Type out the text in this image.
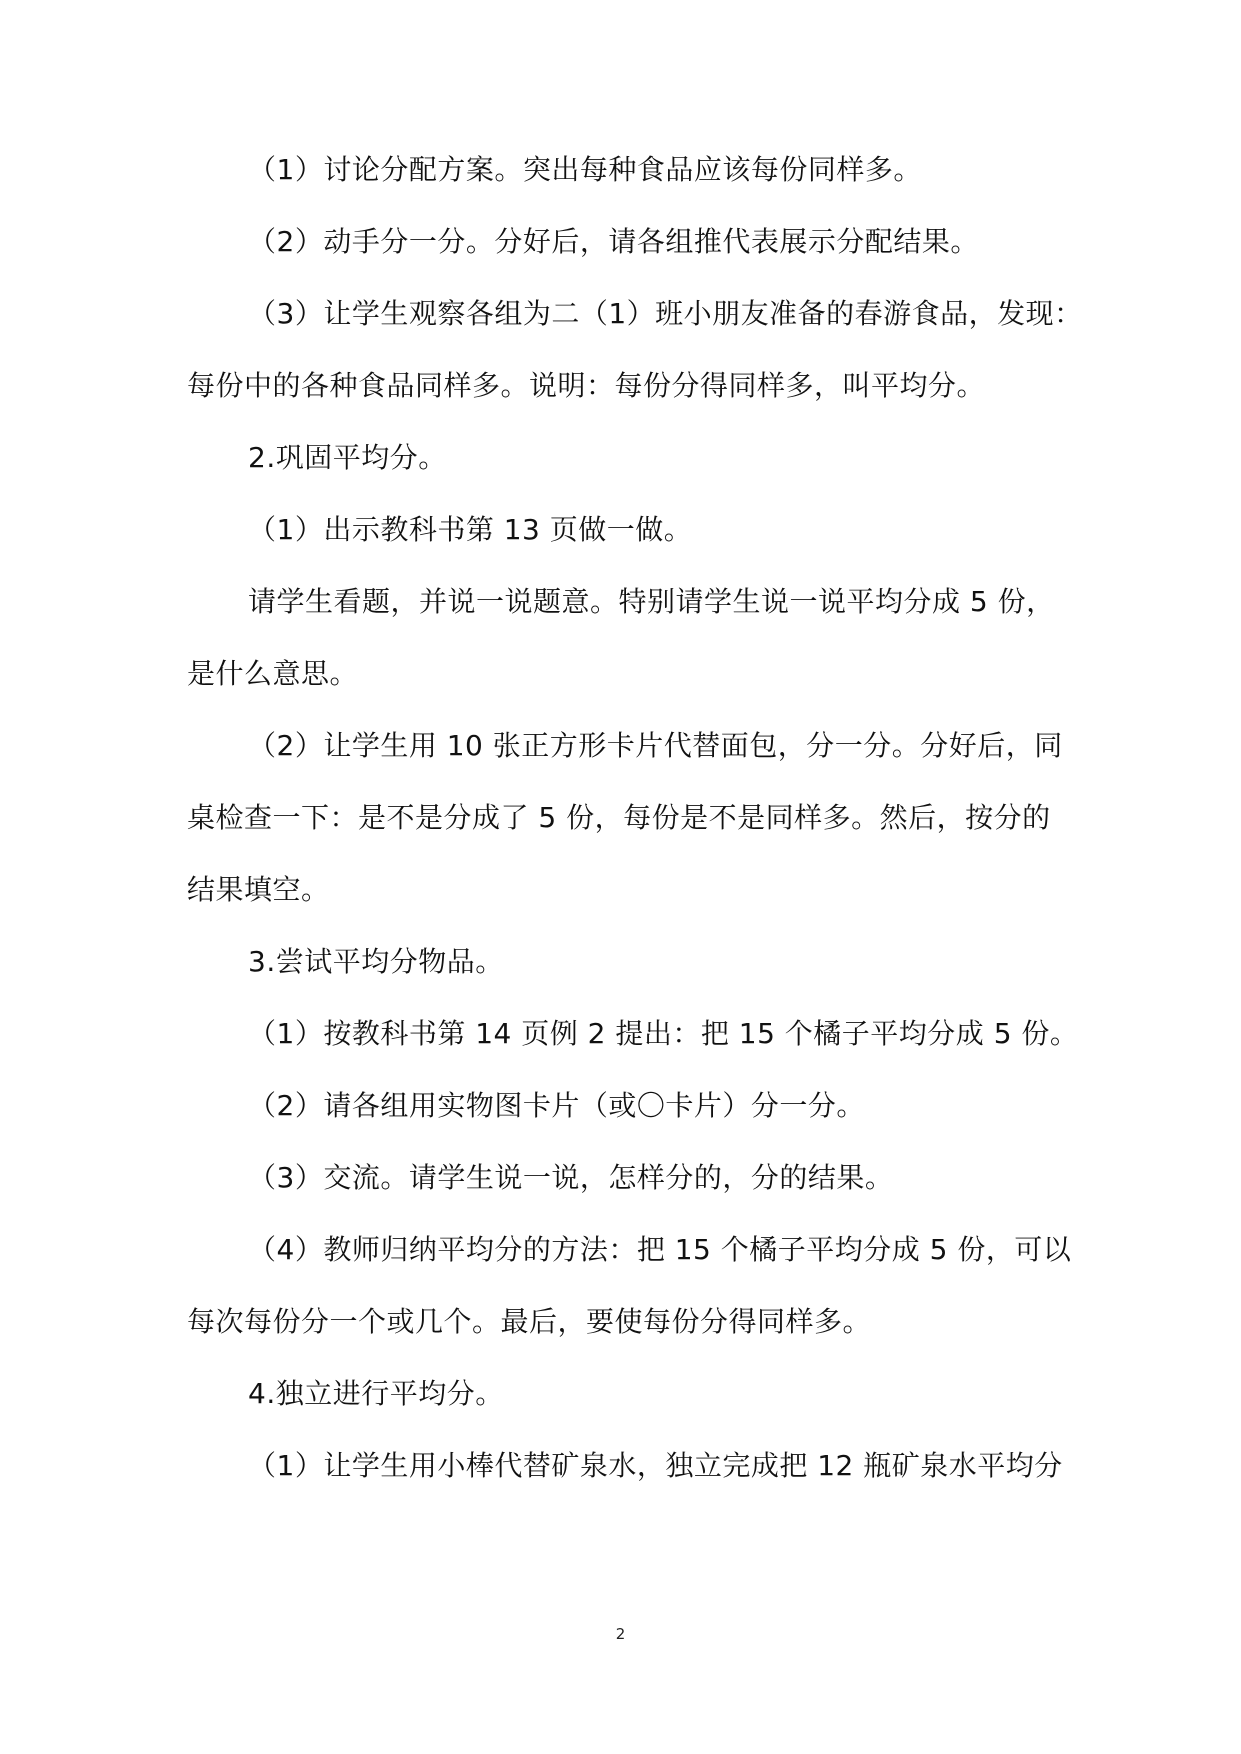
（1）讨论分配方案。突出每种食品应该每份同样多。
（2）动手分一分。分好后，请各组推代表展示分配结果。
（3）让学生观察各组为二（1）班小朋友准备的春游食品，发现：
每份中的各种食品同样多。说明：每份分得同样多，叫平均分。
2.巩固平均分。
（1）出示教科书第 13 页做一做。
请学生看题，并说一说题意。特别请学生说一说平均分成 5 份，
是什么意思。
（2）让学生用 10 张正方形卡片代替面包，分一分。分好后，同
桌检查一下：是不是分成了 5 份，每份是不是同样多。然后，按分的
结果填空。
3.尝试平均分物品。
（1）按教科书第 14 页例 2 提出：把 15 个橘子平均分成 5 份。
（2）请各组用实物图卡片（或〇卡片）分一分。
（3）交流。请学生说一说，怎样分的，分的结果。
（4）教师归纳平均分的方法：把 15 个橘子平均分成 5 份，可以
每次每份分一个或几个。最后，要使每份分得同样多。
4.独立进行平均分。
（1）让学生用小棒代替矿泉水，独立完成把 12 瓶矿泉水平均分
2
